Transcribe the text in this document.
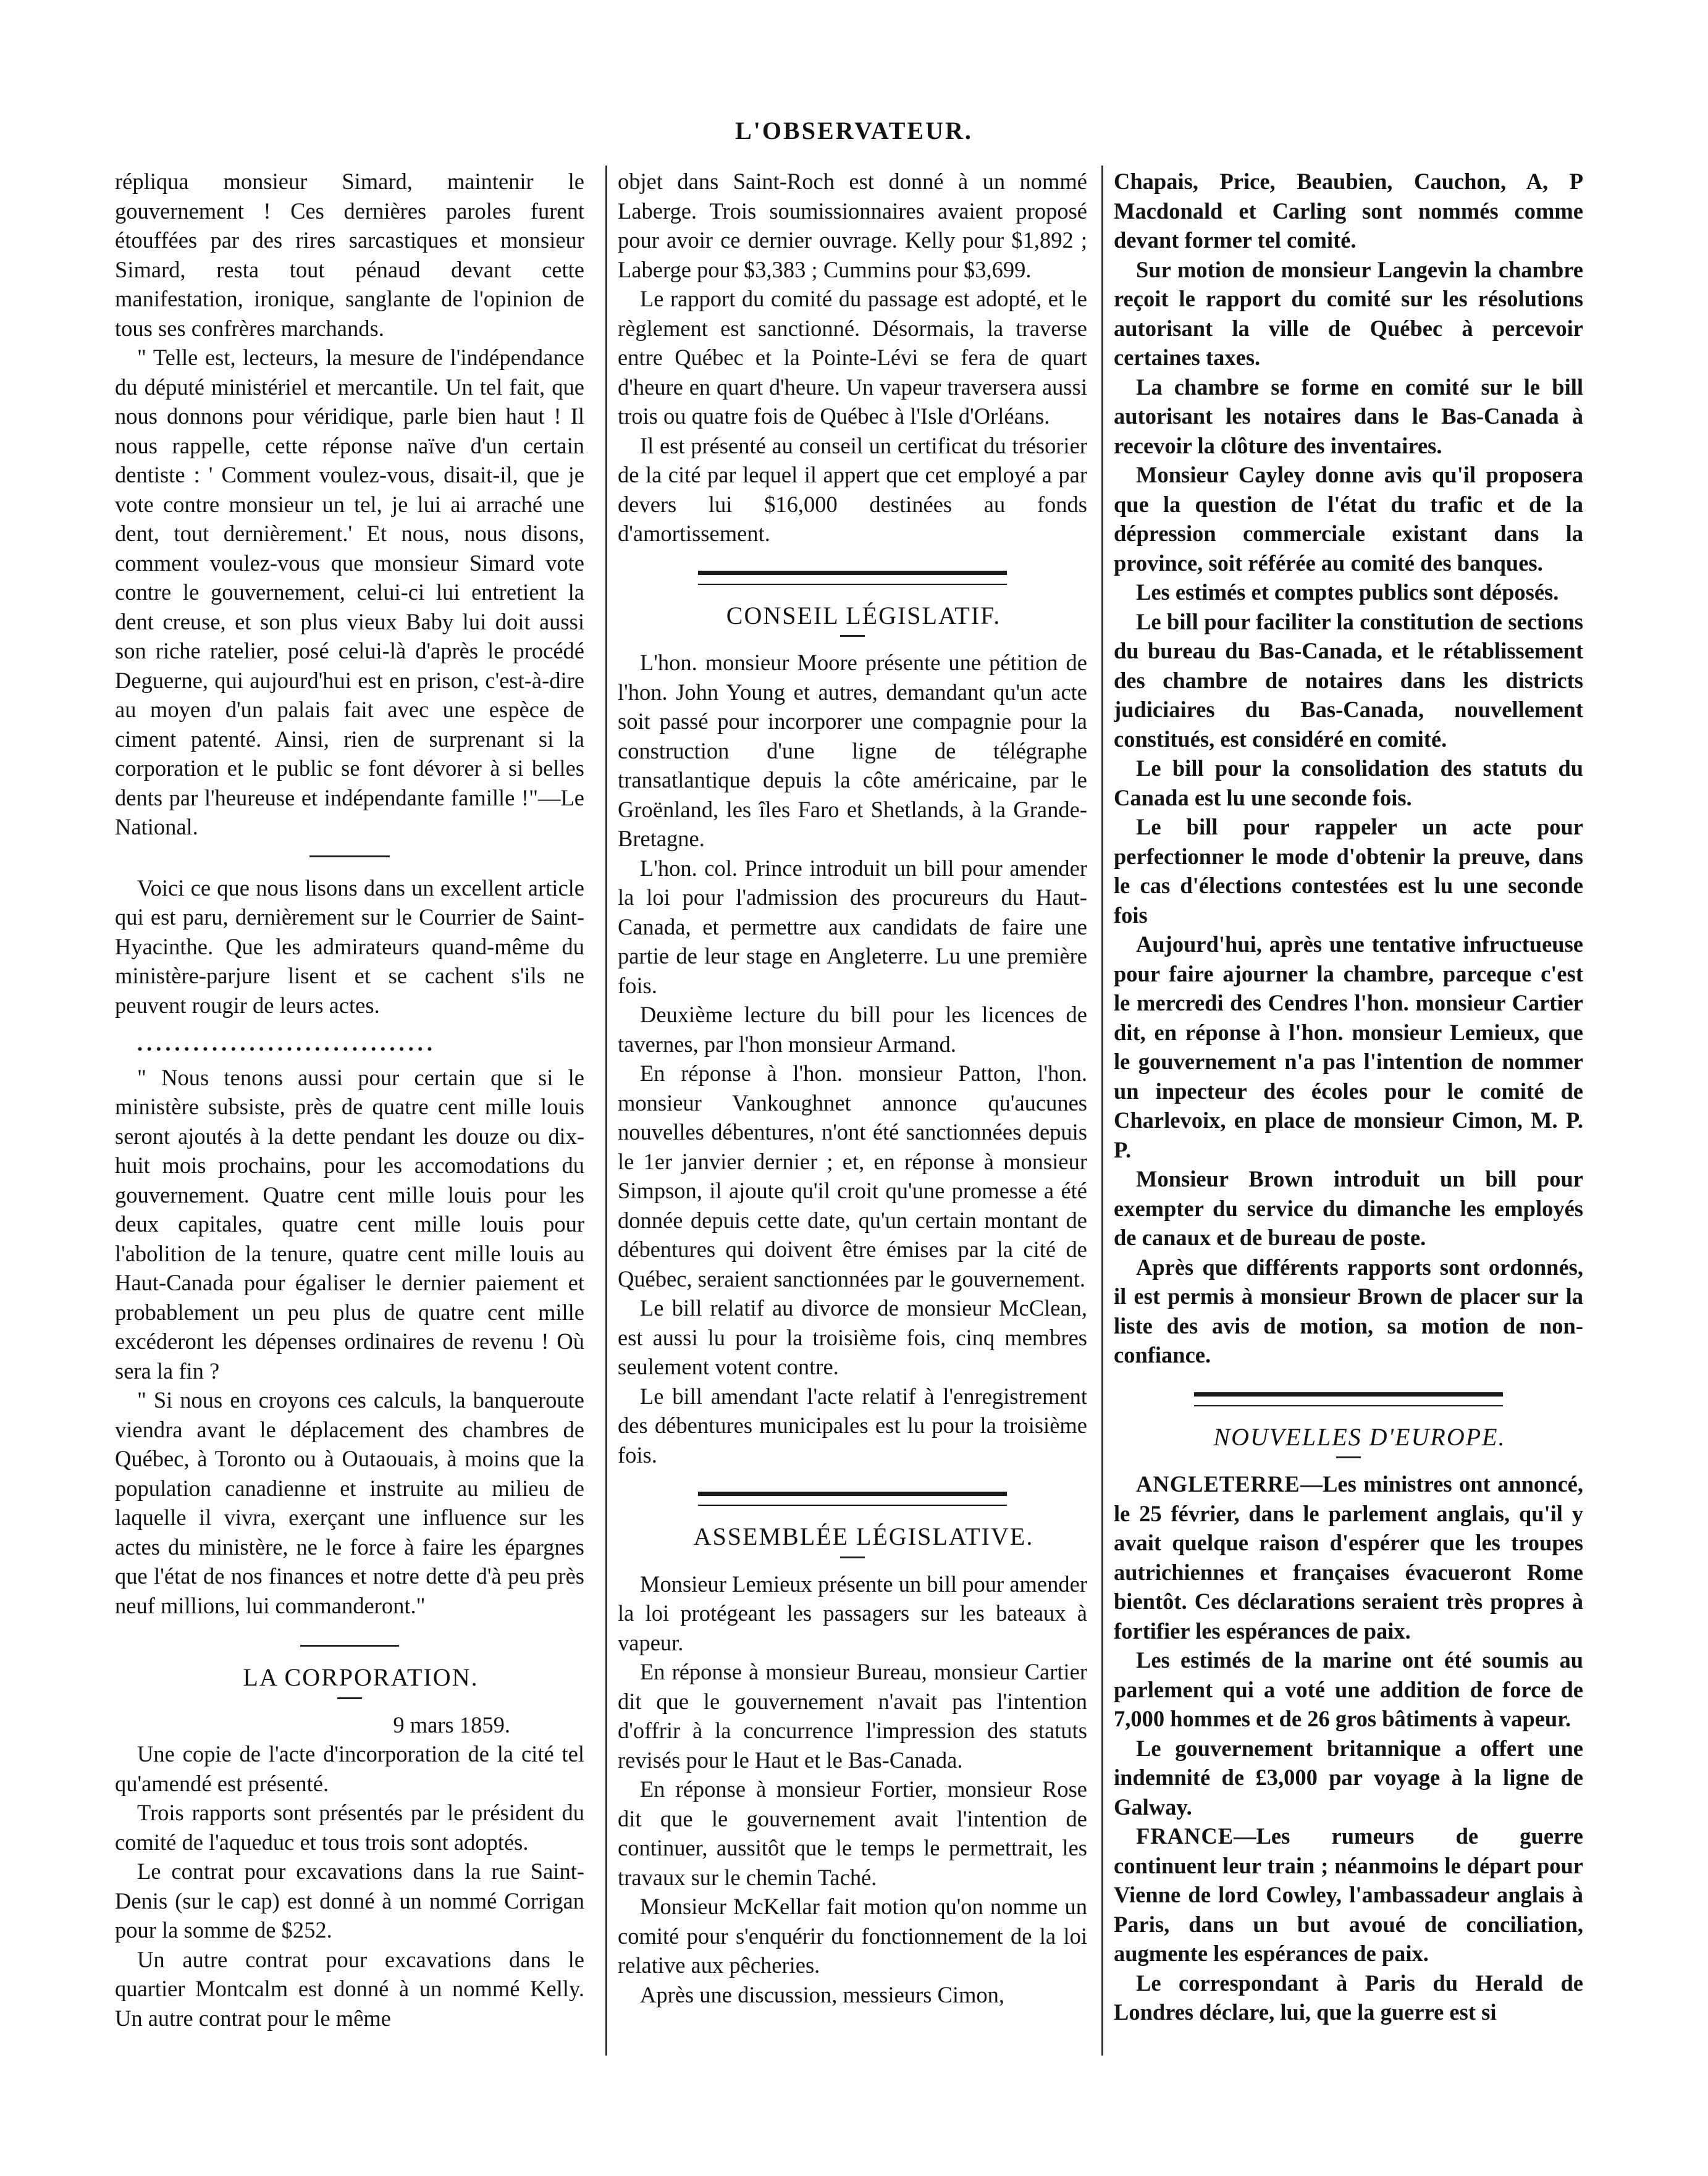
L'OBSERVATEUR.

répliqua monsieur Simard, maintenir le gouvernement ! Ces dernières paroles furent étouffées par des rires sarcastiques et monsieur Simard, resta tout pénaud devant cette manifestation, ironique, sanglante de l'opinion de tous ses confrères marchands.

" Telle est, lecteurs, la mesure de l'indépendance du député ministériel et mercantile. Un tel fait, que nous donnons pour véridique, parle bien haut ! Il nous rappelle, cette réponse naïve d'un certain dentiste : ' Comment voulez-vous, disait-il, que je vote contre monsieur un tel, je lui ai arraché une dent, tout dernièrement.' Et nous, nous disons, comment voulez-vous que monsieur Simard vote contre le gouvernement, celui-ci lui entretient la dent creuse, et son plus vieux Baby lui doit aussi son riche ratelier, posé celui-là d'après le procédé Deguerne, qui aujourd'hui est en prison, c'est-à-dire au moyen d'un palais fait avec une espèce de ciment patenté. Ainsi, rien de surprenant si la corporation et le public se font dévorer à si belles dents par l'heureuse et indépendante famille !"—Le National.

Voici ce que nous lisons dans un excellent article qui est paru, dernièrement sur le Courrier de Saint-Hyacinthe. Que les admirateurs quand-même du ministère-parjure lisent et se cachent s'ils ne peuvent rougir de leurs actes.

................................

" Nous tenons aussi pour certain que si le ministère subsiste, près de quatre cent mille louis seront ajoutés à la dette pendant les douze ou dix-huit mois prochains, pour les accomodations du gouvernement. Quatre cent mille louis pour les deux capitales, quatre cent mille louis pour l'abolition de la tenure, quatre cent mille louis au Haut-Canada pour égaliser le dernier paiement et probablement un peu plus de quatre cent mille excéderont les dépenses ordinaires de revenu ! Où sera la fin ?

" Si nous en croyons ces calculs, la banqueroute viendra avant le déplacement des chambres de Québec, à Toronto ou à Outaouais, à moins que la population canadienne et instruite au milieu de laquelle il vivra, exerçant une influence sur les actes du ministère, ne le force à faire les épargnes que l'état de nos finances et notre dette d'à peu près neuf millions, lui commanderont."

LA CORPORATION.

9 mars 1859.

Une copie de l'acte d'incorporation de la cité tel qu'amendé est présenté.

Trois rapports sont présentés par le président du comité de l'aqueduc et tous trois sont adoptés.

Le contrat pour excavations dans la rue Saint-Denis (sur le cap) est donné à un nommé Corrigan pour la somme de $252.

Un autre contrat pour excavations dans le quartier Montcalm est donné à un nommé Kelly. Un autre contrat pour le même

objet dans Saint-Roch est donné à un nommé Laberge. Trois soumissionnaires avaient proposé pour avoir ce dernier ouvrage. Kelly pour $1,892 ; Laberge pour $3,383 ; Cummins pour $3,699.

Le rapport du comité du passage est adopté, et le règlement est sanctionné. Désormais, la traverse entre Québec et la Pointe-Lévi se fera de quart d'heure en quart d'heure. Un vapeur traversera aussi trois ou quatre fois de Québec à l'Isle d'Orléans.

Il est présenté au conseil un certificat du trésorier de la cité par lequel il appert que cet employé a par devers lui $16,000 destinées au fonds d'amortissement.

CONSEIL LÉGISLATIF.

L'hon. monsieur Moore présente une pétition de l'hon. John Young et autres, demandant qu'un acte soit passé pour incorporer une compagnie pour la construction d'une ligne de télégraphe transatlantique depuis la côte américaine, par le Groënland, les îles Faro et Shetlands, à la Grande-Bretagne.

L'hon. col. Prince introduit un bill pour amender la loi pour l'admission des procureurs du Haut-Canada, et permettre aux candidats de faire une partie de leur stage en Angleterre. Lu une première fois.

Deuxième lecture du bill pour les licences de tavernes, par l'hon monsieur Armand.

En réponse à l'hon. monsieur Patton, l'hon. monsieur Vankoughnet annonce qu'aucunes nouvelles débentures, n'ont été sanctionnées depuis le 1er janvier dernier ; et, en réponse à monsieur Simpson, il ajoute qu'il croit qu'une promesse a été donnée depuis cette date, qu'un certain montant de débentures qui doivent être émises par la cité de Québec, seraient sanctionnées par le gouvernement.

Le bill relatif au divorce de monsieur McClean, est aussi lu pour la troisième fois, cinq membres seulement votent contre.

Le bill amendant l'acte relatif à l'enregistrement des débentures municipales est lu pour la troisième fois.

ASSEMBLÉE LÉGISLATIVE.

Monsieur Lemieux présente un bill pour amender la loi protégeant les passagers sur les bateaux à vapeur.

En réponse à monsieur Bureau, monsieur Cartier dit que le gouvernement n'avait pas l'intention d'offrir à la concurrence l'impression des statuts revisés pour le Haut et le Bas-Canada.

En réponse à monsieur Fortier, monsieur Rose dit que le gouvernement avait l'intention de continuer, aussitôt que le temps le permettrait, les travaux sur le chemin Taché.

Monsieur McKellar fait motion qu'on nomme un comité pour s'enquérir du fonctionnement de la loi relative aux pêcheries.

Après une discussion, messieurs Cimon,

Chapais, Price, Beaubien, Cauchon, A, P Macdonald et Carling sont nommés comme devant former tel comité.

Sur motion de monsieur Langevin la chambre reçoit le rapport du comité sur les résolutions autorisant la ville de Québec à percevoir certaines taxes.

La chambre se forme en comité sur le bill autorisant les notaires dans le Bas-Canada à recevoir la clôture des inventaires.

Monsieur Cayley donne avis qu'il proposera que la question de l'état du trafic et de la dépression commerciale existant dans la province, soit référée au comité des banques.

Les estimés et comptes publics sont déposés.

Le bill pour faciliter la constitution de sections du bureau du Bas-Canada, et le rétablissement des chambre de notaires dans les districts judiciaires du Bas-Canada, nouvellement constitués, est considéré en comité.

Le bill pour la consolidation des statuts du Canada est lu une seconde fois.

Le bill pour rappeler un acte pour perfectionner le mode d'obtenir la preuve, dans le cas d'élections contestées est lu une seconde fois

Aujourd'hui, après une tentative infructueuse pour faire ajourner la chambre, parceque c'est le mercredi des Cendres l'hon. monsieur Cartier dit, en réponse à l'hon. monsieur Lemieux, que le gouvernement n'a pas l'intention de nommer un inpecteur des écoles pour le comité de Charlevoix, en place de monsieur Cimon, M. P. P.

Monsieur Brown introduit un bill pour exempter du service du dimanche les employés de canaux et de bureau de poste.

Après que différents rapports sont ordonnés, il est permis à monsieur Brown de placer sur la liste des avis de motion, sa motion de non-confiance.

NOUVELLES D'EUROPE.

ANGLETERRE—Les ministres ont annoncé, le 25 février, dans le parlement anglais, qu'il y avait quelque raison d'espérer que les troupes autrichiennes et françaises évacueront Rome bientôt. Ces déclarations seraient très propres à fortifier les espérances de paix.

Les estimés de la marine ont été soumis au parlement qui a voté une addition de force de 7,000 hommes et de 26 gros bâtiments à vapeur.

Le gouvernement britannique a offert une indemnité de £3,000 par voyage à la ligne de Galway.

FRANCE—Les rumeurs de guerre continuent leur train ; néanmoins le départ pour Vienne de lord Cowley, l'ambassadeur anglais à Paris, dans un but avoué de conciliation, augmente les espérances de paix.

Le correspondant à Paris du Herald de Londres déclare, lui, que la guerre est si
